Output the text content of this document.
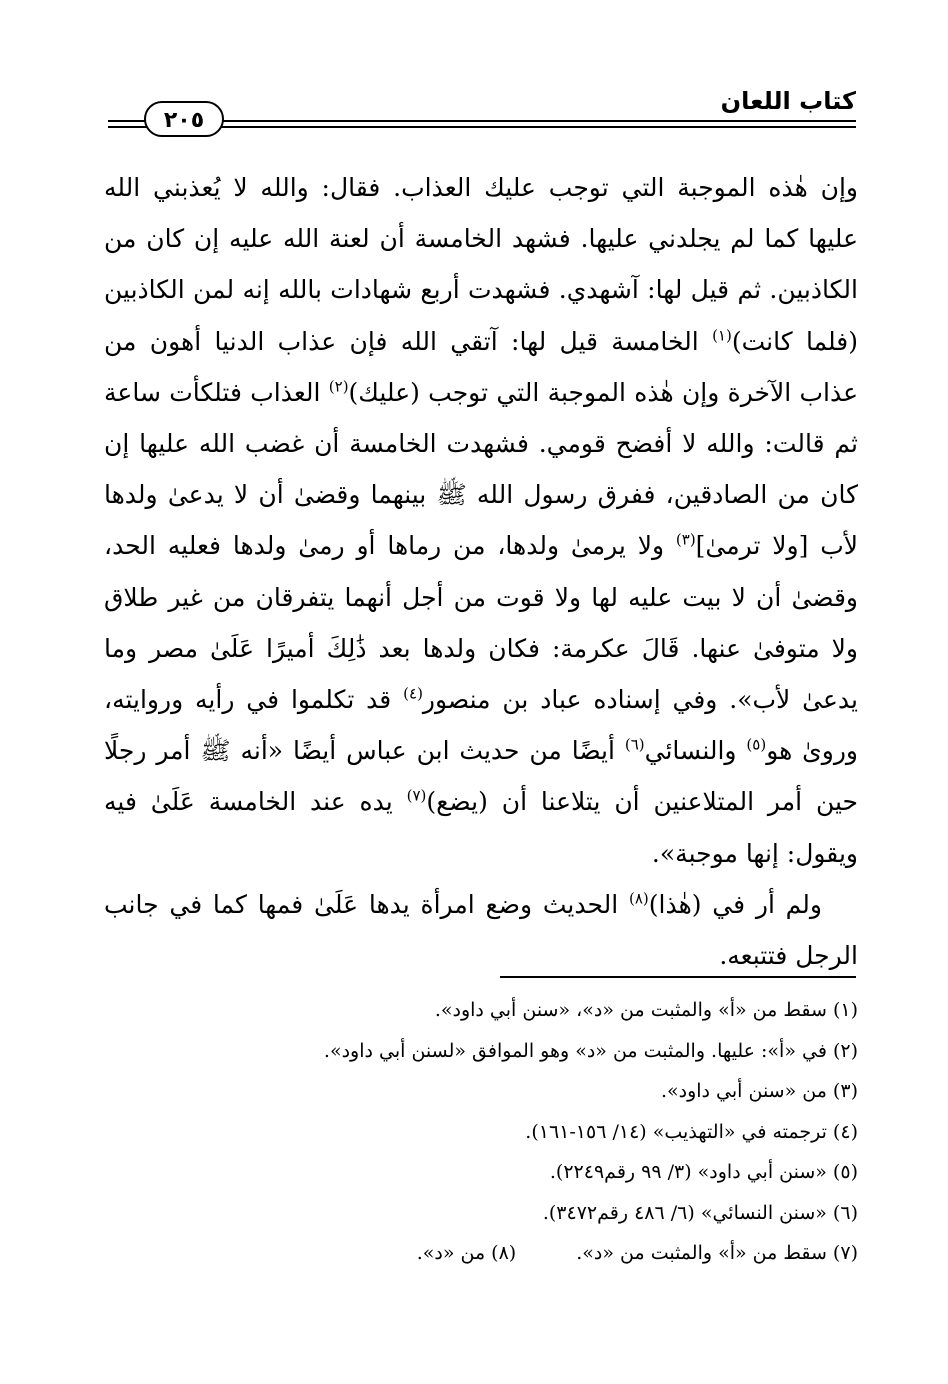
كتاب اللعان
٢٠٥

وإن هٰذه الموجبة التي توجب عليك العذاب. فقال: والله لا يُعذبني الله عليها كما لم يجلدني عليها. فشهد الخامسة أن لعنة الله عليه إن كان من الكاذبين. ثم قيل لها: آشهدي. فشهدت أربع شهادات بالله إنه لمن الكاذبين (فلما كانت)$^{(١)}$ الخامسة قيل لها: آتقي الله فإن عذاب الدنيا أهون من عذاب الآخرة وإن هٰذه الموجبة التي توجب (عليك)$^{(٢)}$ العذاب فتلكأت ساعة ثم قالت: والله لا أفضح قومي. فشهدت الخامسة أن غضب الله عليها إن كان من الصادقين، ففرق رسول الله ﷺ بينهما وقضىٰ أن لا يدعىٰ ولدها لأب [ولا ترمىٰ]$^{(٣)}$ ولا يرمىٰ ولدها، من رماها أو رمىٰ ولدها فعليه الحد، وقضىٰ أن لا بيت عليه لها ولا قوت من أجل أنهما يتفرقان من غير طلاق ولا متوفىٰ عنها. قَالَ عكرمة: فكان ولدها بعد ذَٰلِكَ أميرًا عَلَىٰ مصر وما يدعىٰ لأب». وفي إسناده عباد بن منصور$^{(٤)}$ قد تكلموا في رأيه وروايته، وروىٰ هو$^{(٥)}$ والنسائي$^{(٦)}$ أيضًا من حديث ابن عباس أيضًا «أنه ﷺ أمر رجلًا حين أمر المتلاعنين أن يتلاعنا أن (يضع)$^{(٧)}$ يده عند الخامسة عَلَىٰ فيه ويقول: إنها موجبة».

ولم أر في (هٰذا)$^{(٨)}$ الحديث وضع امرأة يدها عَلَىٰ فمها كما في جانب الرجل فتتبعه.

(١) سقط من «أ» والمثبت من «د»، «سنن أبي داود».
(٢) في «أ»: عليها. والمثبت من «د» وهو الموافق «لسنن أبي داود».
(٣) من «سنن أبي داود».
(٤) ترجمته في «التهذيب» (١٤/ ١٥٦-١٦١).
(٥) «سنن أبي داود» (٣/ ٩٩ رقم٢٢٤٩).
(٦) «سنن النسائي» (٦/ ٤٨٦ رقم٣٤٧٢).
(٧) سقط من «أ» والمثبت من «د».(٨) من «د».
